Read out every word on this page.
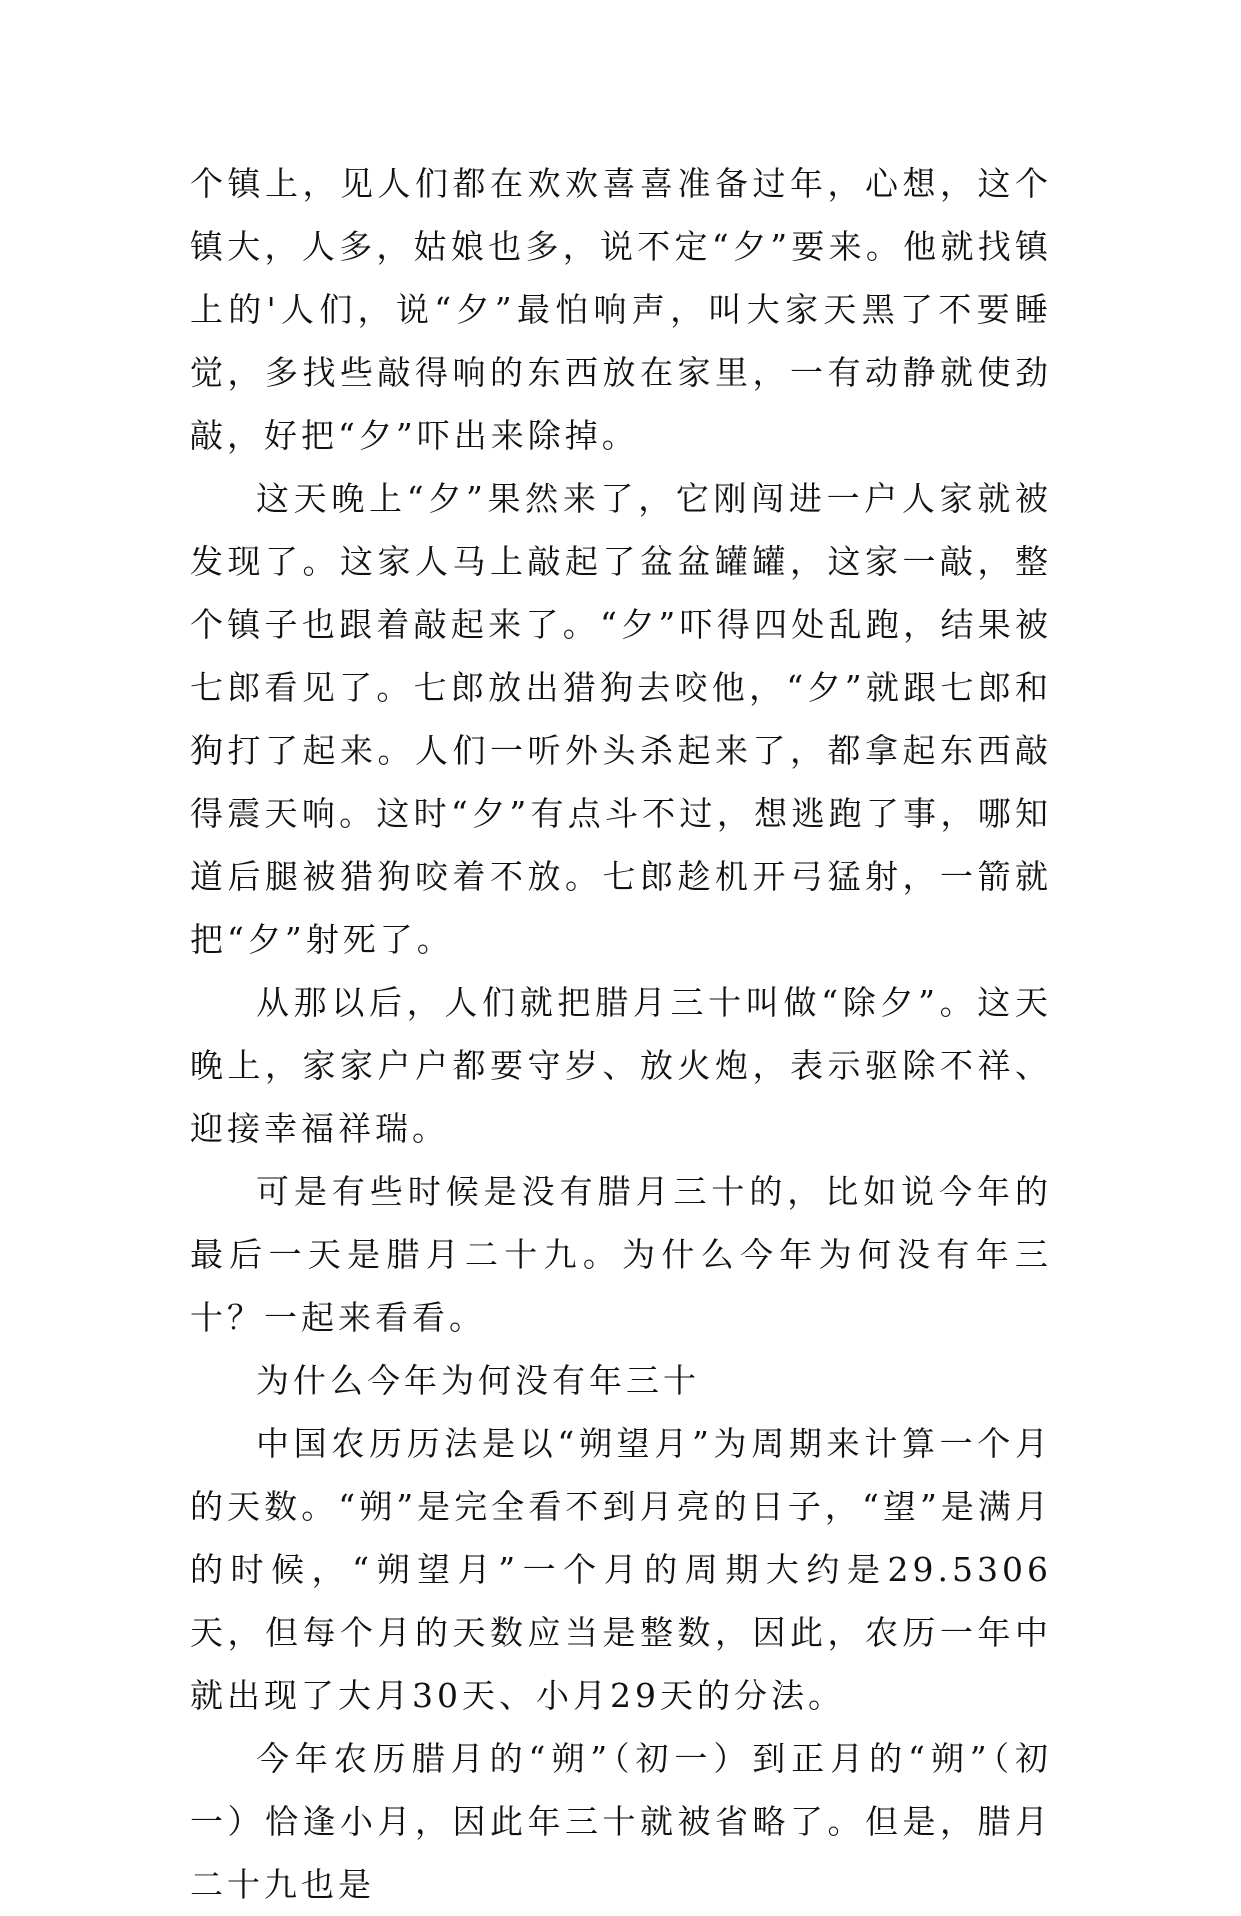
个镇上，见人们都在欢欢喜喜准备过年，心想，这个镇大，人多，姑娘也多，说不定“夕”要来。他就找镇上的'人们，说“夕”最怕响声，叫大家天黑了不要睡觉，多找些敲得响的东西放在家里，一有动静就使劲敲，好把“夕”吓出来除掉。

这天晚上“夕”果然来了，它刚闯进一户人家就被发现了。这家人马上敲起了盆盆罐罐，这家一敲，整个镇子也跟着敲起来了。“夕”吓得四处乱跑，结果被七郎看见了。七郎放出猎狗去咬他，“夕”就跟七郎和狗打了起来。人们一听外头杀起来了，都拿起东西敲得震天响。这时“夕”有点斗不过，想逃跑了事，哪知道后腿被猎狗咬着不放。七郎趁机开弓猛射，一箭就把“夕”射死了。

从那以后，人们就把腊月三十叫做“除夕”。这天晚上，家家户户都要守岁、放火炮，表示驱除不祥、迎接幸福祥瑞。

可是有些时候是没有腊月三十的，比如说今年的最后一天是腊月二十九。为什么今年为何没有年三十？一起来看看。

为什么今年为何没有年三十

中国农历历法是以“朔望月”为周期来计算一个月的天数。“朔”是完全看不到月亮的日子，“望”是满月的时候，“朔望月”一个月的周期大约是29.5306天，但每个月的天数应当是整数，因此，农历一年中就出现了大月30天、小月29天的分法。

今年农历腊月的“朔”（初一）到正月的“朔”（初一）恰逢小月，因此年三十就被省略了。但是，腊月二十九也是
